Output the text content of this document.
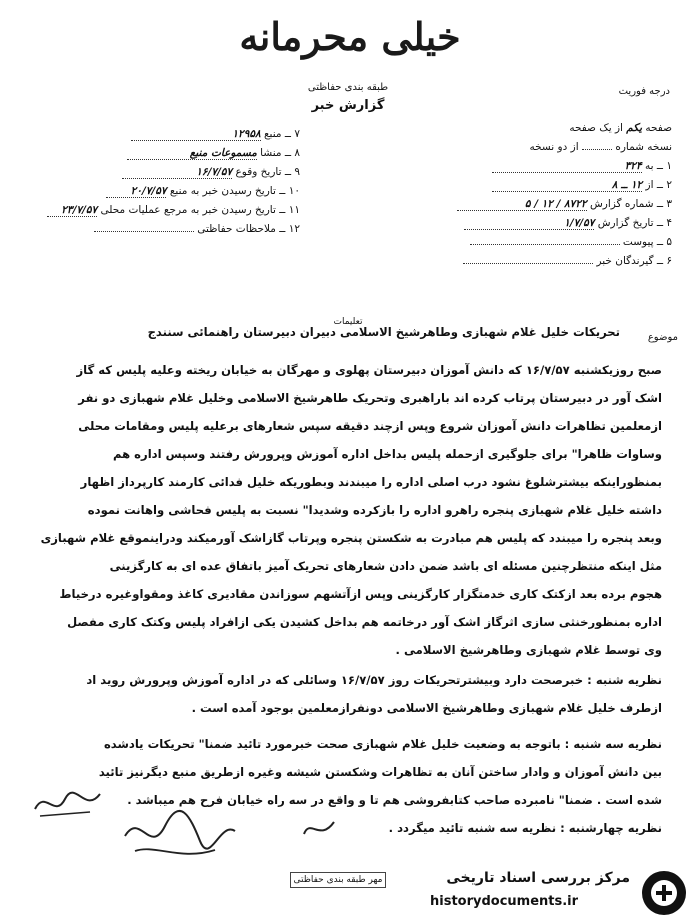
خیلی محرمانه
طبقه بندی حفاظتی
گزارش خبر
درجه فوریت
صفحه یکم از یک صفحه
نسخه شماره  از دو نسخه
۱ ــ به ۳۲۴
۲ ــ از ۱۲ ــ ۸
۳ ــ شماره گزارش ۸۷۲۲ / ۱۲ / ۵
۴ ــ تاریخ گزارش ۱/۷/۵۷
۵ ــ پیوست
۶ ــ گیرندگان خبر
۷ ــ منبع ۱۲۹۵۸
۸ ــ منشا مسموعات منبع
۹ ــ تاریخ وقوع ۱۶/۷/۵۷
۱۰ ــ تاریخ رسیدن خبر به منبع ۲۰/۷/۵۷
۱۱ ــ تاریخ رسیدن خبر به مرجع عملیات محلی ۲۳/۷/۵۷
۱۲ ــ ملاحظات حفاظتی
موضوع
تعلیمات
تحریکات خلیل غلام شهبازی وطاهرشیخ الاسلامی دبیران دبیرستان راهنمائی سنندج
صبح روزیکشنبه ۱۶/۷/۵۷ که دانش آموزان دبیرستان پهلوی و مهرگان به خیابان ریخته وعلیه پلیس که گاز
اشک آور در دبیرستان پرتاب کرده اند باراهبری وتحریک طاهرشیخ الاسلامی وخلیل غلام شهبازی دو نفر
ازمعلمین تظاهرات دانش آموزان شروع وپس ازچند دقیقه سپس شعارهای برعلیه پلیس ومقامات محلی
وساوات ظاهرا" برای جلوگیری ازحمله پلیس بداخل اداره آموزش وپرورش رفتند وسپس اداره هم
بمنظوراینکه بیشترشلوغ نشود درب اصلی اداره را میبندند وبطوریکه خلیل فدائی کارمند کارپرداز اظهار
داشته خلیل غلام شهبازی پنجره راهرو اداره را بازکرده وشدیدا" نسبت به پلیس فحاشی واهانت نموده
وبعد پنجره را میبندد که پلیس هم مبادرت به شکستن پنجره وپرتاب گازاشک آورمیکند ودراینموقع غلام شهبازی
مثل اینکه منتظرچنین مسئله ای باشد ضمن دادن شعارهای تحریک آمیز باتفاق عده ای به کارگزینی
هجوم برده بعد ازکتک کاری خدمتگزار کارگزینی وپس ازآتشهم سوزاندن مقادیری کاغذ ومقواوغیره درخیاط
اداره بمنظورخنثی سازی اثرگاز اشک آور درخاتمه هم بداخل کشیدن یکی ازافراد پلیس وکتک کاری مفصل
وی توسط غلام شهبازی وطاهرشیخ الاسلامی .
نظریه شنبه : خبرصحت دارد وبیشترتحریکات روز ۱۶/۷/۵۷ وسائلی که در اداره آموزش وپرورش روید اد
ازطرف خلیل غلام شهبازی وطاهرشیخ الاسلامی دونفرازمعلمین بوجود آمده است .
نظریه سه شنبه : باتوجه به وضعیت خلیل غلام شهبازی صحت خبرمورد تائید ضمنا" تحریکات یادشده
بین دانش آموزان و وادار ساختن آنان به تظاهرات وشکستن شیشه وغیره ازطریق منبع دیگرنیز تائید
شده است . ضمنا" نامبرده صاحب کتابفروشی هم تا و واقع در سه راه خیابان فرح هم میباشد .
نظریه چهارشنبه : نظریه سه شنبه تائید میگردد .
مهر طبقه بندی حفاظتی	مرکز بررسی اسناد تاریخی
historydocuments.ir
